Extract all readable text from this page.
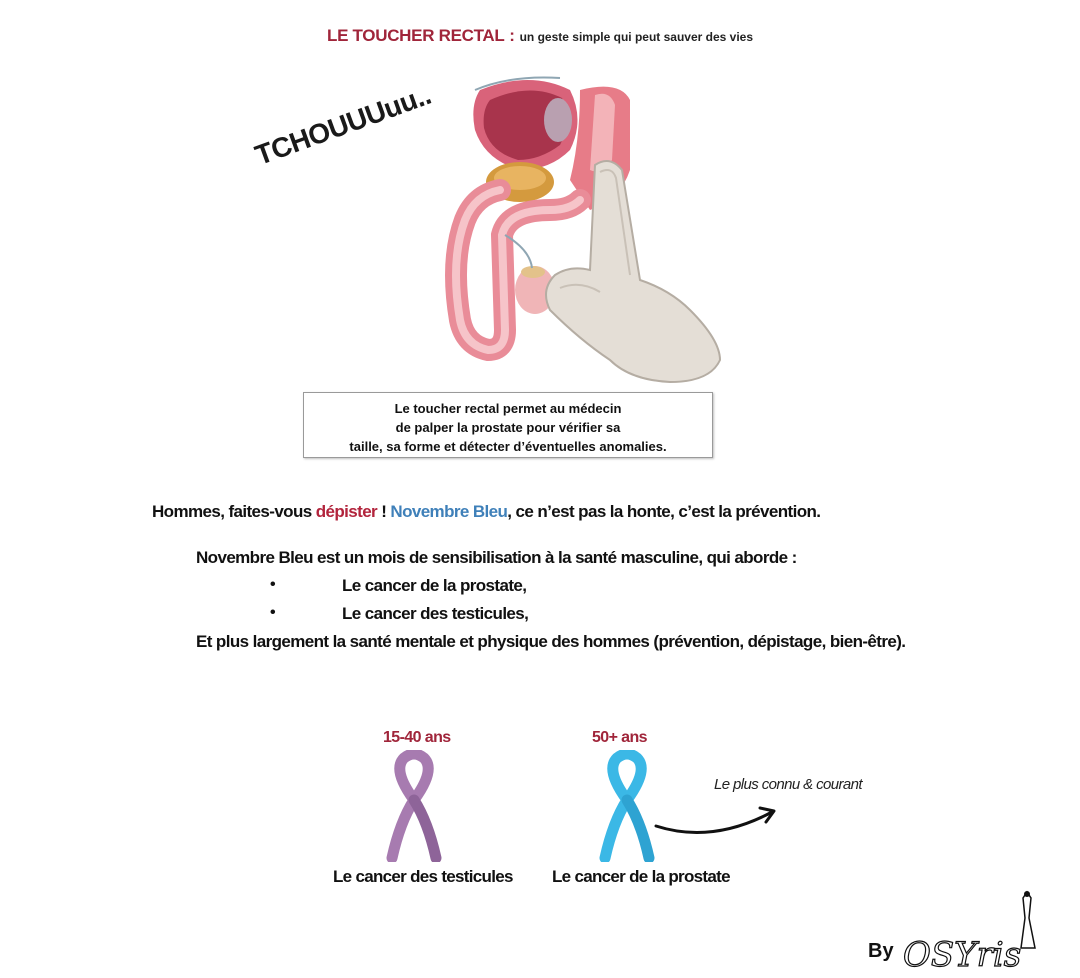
LE TOUCHER RECTAL : un geste simple qui peut sauver des vies
TCHOUUUuu..
Le toucher rectal permet au médecin
de palper la prostate pour vérifier sa
taille, sa forme et détecter d’éventuelles anomalies.
Hommes, faites-vous dépister ! Novembre Bleu, ce n’est pas la honte, c’est la prévention.
Novembre Bleu est un mois de sensibilisation à la santé masculine, qui aborde :
•	Le cancer de la prostate,
•	Le cancer des testicules,
Et plus largement la santé mentale et physique des hommes (prévention, dépistage, bien-être).
15-40 ans	50+ ans
Le plus connu & courant
Le cancer des testicules Le cancer de la prostate
By OSYris
